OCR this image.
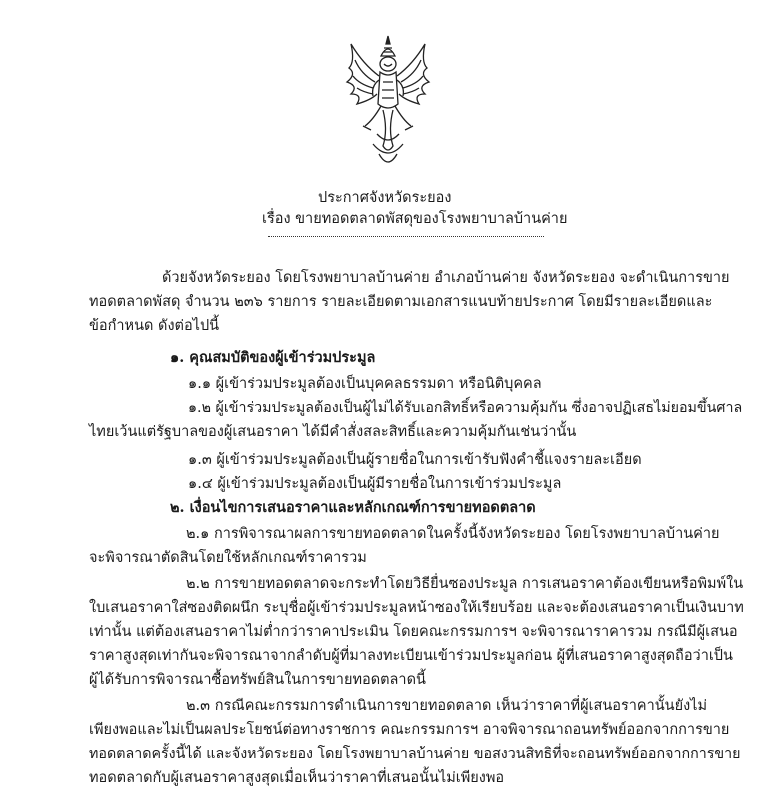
ประกาศจังหวัดระยอง
เรื่อง ขายทอดตลาดพัสดุของโรงพยาบาลบ้านค่าย
ด้วยจังหวัดระยอง โดยโรงพยาบาลบ้านค่าย อำเภอบ้านค่าย จังหวัดระยอง จะดำเนินการขาย
ทอดตลาดพัสดุ จำนวน ๒๓๖ รายการ รายละเอียดตามเอกสารแนบท้ายประกาศ โดยมีรายละเอียดและ
ข้อกำหนด ดังต่อไปนี้
๑. คุณสมบัติของผู้เข้าร่วมประมูล
๑.๑ ผู้เข้าร่วมประมูลต้องเป็นบุคคลธรรมดา หรือนิติบุคคล
๑.๒ ผู้เข้าร่วมประมูลต้องเป็นผู้ไม่ได้รับเอกสิทธิ์หรือความคุ้มกัน ซึ่งอาจปฏิเสธไม่ยอมขึ้นศาล
ไทยเว้นแต่รัฐบาลของผู้เสนอราคา ได้มีคำสั่งสละสิทธิ์และความคุ้มกันเช่นว่านั้น
๑.๓ ผู้เข้าร่วมประมูลต้องเป็นผู้รายชื่อในการเข้ารับฟังคำชี้แจงรายละเอียด
๑.๔ ผู้เข้าร่วมประมูลต้องเป็นผู้มีรายชื่อในการเข้าร่วมประมูล
๒. เงื่อนไขการเสนอราคาและหลักเกณฑ์การขายทอดตลาด
๒.๑ การพิจารณาผลการขายทอดตลาดในครั้งนี้จังหวัดระยอง โดยโรงพยาบาลบ้านค่าย
จะพิจารณาตัดสินโดยใช้หลักเกณฑ์ราคารวม
๒.๒ การขายทอดตลาดจะกระทำโดยวิธียื่นซองประมูล การเสนอราคาต้องเขียนหรือพิมพ์ใน
ใบเสนอราคาใส่ซองติดผนึก ระบุชื่อผู้เข้าร่วมประมูลหน้าซองให้เรียบร้อย และจะต้องเสนอราคาเป็นเงินบาท
เท่านั้น แต่ต้องเสนอราคาไม่ต่ำกว่าราคาประเมิน โดยคณะกรรมการฯ จะพิจารณาราคารวม กรณีมีผู้เสนอ
ราคาสูงสุดเท่ากันจะพิจารณาจากลำดับผู้ที่มาลงทะเบียนเข้าร่วมประมูลก่อน ผู้ที่เสนอราคาสูงสุดถือว่าเป็น
ผู้ได้รับการพิจารณาซื้อทรัพย์สินในการขายทอดตลาดนี้
๒.๓ กรณีคณะกรรมการดำเนินการขายทอดตลาด เห็นว่าราคาที่ผู้เสนอราคานั้นยังไม่
เพียงพอและไม่เป็นผลประโยชน์ต่อทางราชการ คณะกรรมการฯ อาจพิจารณาถอนทรัพย์ออกจากการขาย
ทอดตลาดครั้งนี้ได้ และจังหวัดระยอง โดยโรงพยาบาลบ้านค่าย ขอสงวนสิทธิที่จะถอนทรัพย์ออกจากการขาย
ทอดตลาดกับผู้เสนอราคาสูงสุดเมื่อเห็นว่าราคาที่เสนอนั้นไม่เพียงพอ
